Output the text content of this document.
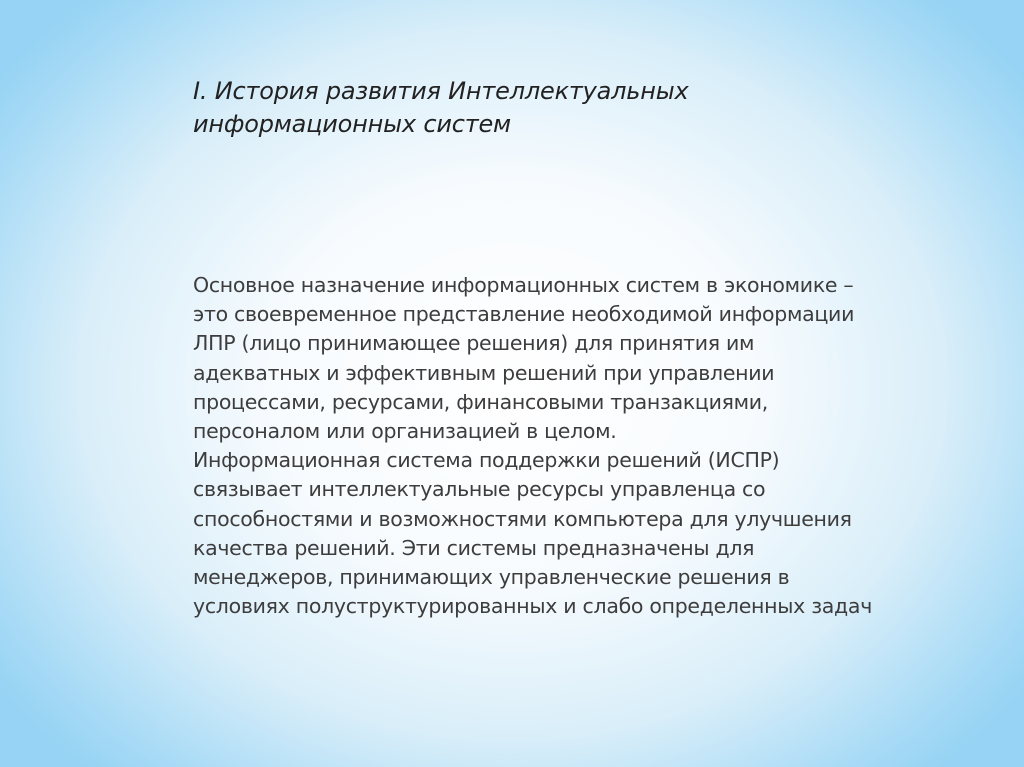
I. История развития Интеллектуальных
информационных систем
Основное назначение информационных систем в экономике –
это своевременное представление необходимой информации
ЛПР (лицо принимающее решения) для принятия им
адекватных и эффективным решений при управлении
процессами, ресурсами, финансовыми транзакциями,
персоналом или организацией в целом.
Информационная система поддержки решений (ИСПР)
связывает интеллектуальные ресурсы управленца со
способностями и возможностями компьютера для улучшения
качества решений. Эти системы предназначены для
менеджеров, принимающих управленческие решения в
условиях полуструктурированных и слабо определенных задач
